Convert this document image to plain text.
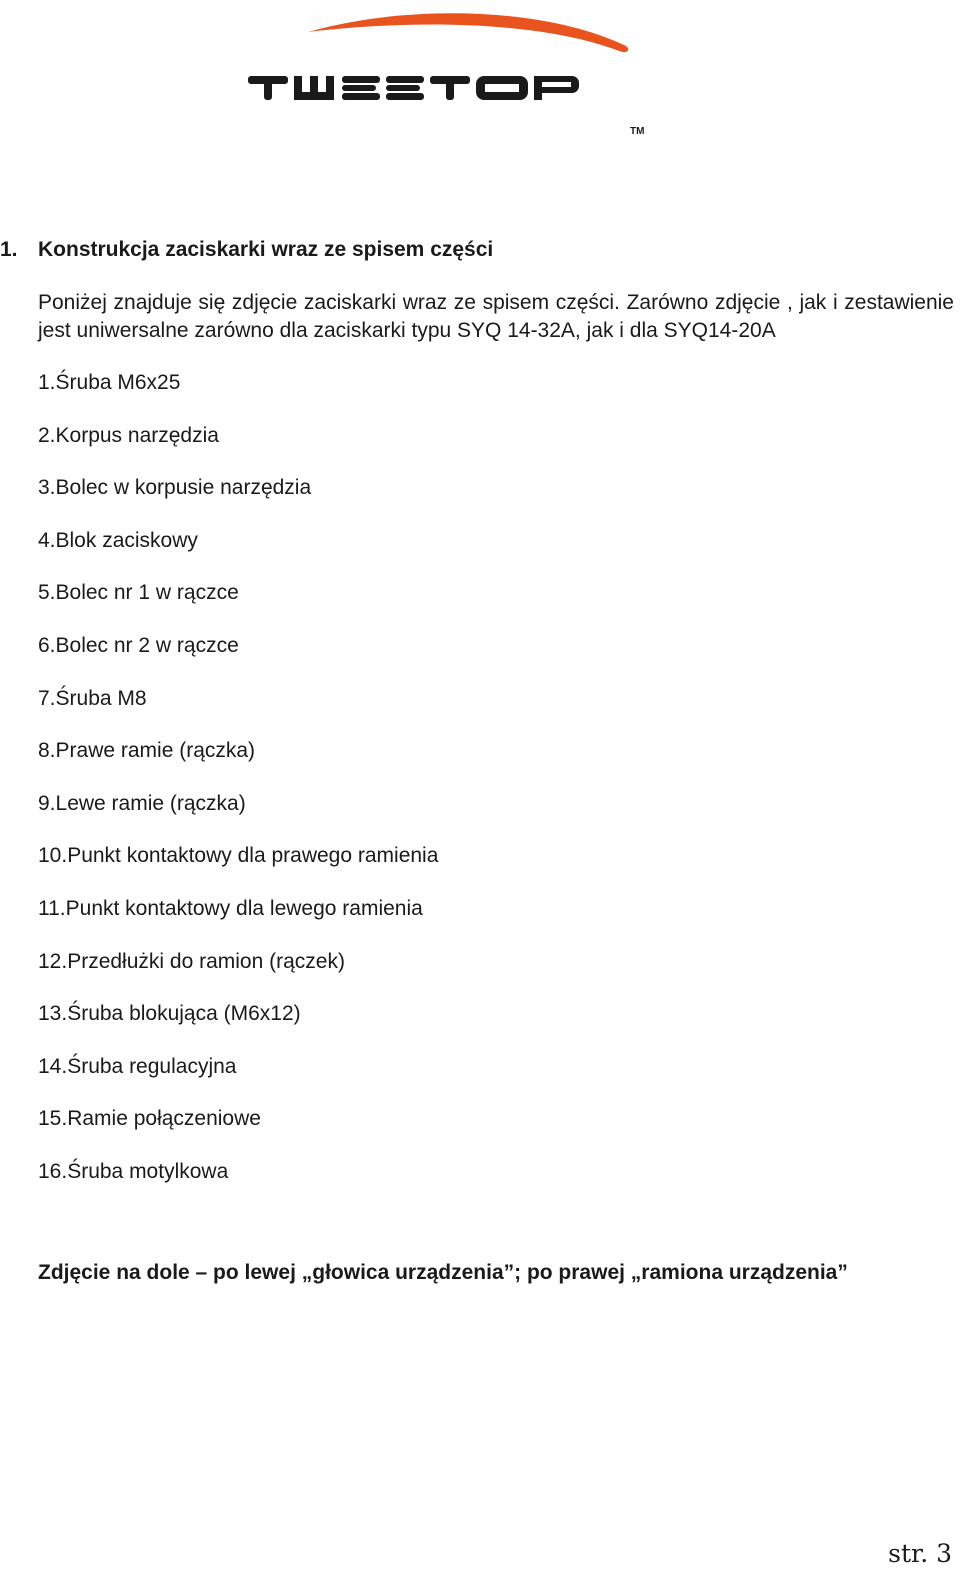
TM
1. Konstrukcja zaciskarki wraz ze spisem części

Poniżej znajduje się zdjęcie zaciskarki wraz ze spisem części. Zarówno zdjęcie , jak i zestawienie jest uniwersalne zarówno dla zaciskarki typu SYQ 14-32A, jak i dla SYQ14-20A

1.Śruba M6x25
2.Korpus narzędzia
3.Bolec w korpusie narzędzia
4.Blok zaciskowy
5.Bolec nr 1 w rączce
6.Bolec nr 2 w rączce
7.Śruba M8
8.Prawe ramie (rączka)
9.Lewe ramie (rączka)
10.Punkt kontaktowy dla prawego ramienia
11.Punkt kontaktowy dla lewego ramienia
12.Przedłużki do ramion (rączek)
13.Śruba blokująca (M6x12)
14.Śruba regulacyjna
15.Ramie połączeniowe
16.Śruba motylkowa
Zdjęcie na dole – po lewej „głowica urządzenia”; po prawej „ramiona urządzenia”
str. 3
